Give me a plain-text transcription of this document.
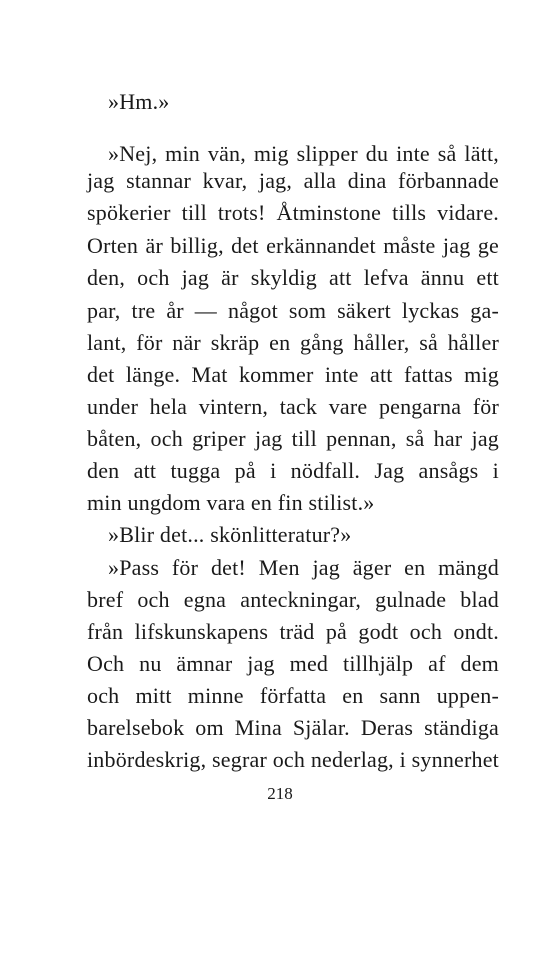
»Hm.»
»Nej, min vän, mig slipper du inte så lätt,
jag stannar kvar, jag, alla dina förbannade
spökerier till trots! Åtminstone tills vidare.
Orten är billig, det erkännandet måste jag ge
den, och jag är skyldig att lefva ännu ett
par, tre år — något som säkert lyckas ga-
lant, för när skräp en gång håller, så håller
det länge. Mat kommer inte att fattas mig
under hela vintern, tack vare pengarna för
båten, och griper jag till pennan, så har jag
den att tugga på i nödfall. Jag ansågs i
min ungdom vara en fin stilist.»
»Blir det... skönlitteratur?»
»Pass för det! Men jag äger en mängd
bref och egna anteckningar, gulnade blad
från lifskunskapens träd på godt och ondt.
Och nu ämnar jag med tillhjälp af dem
och mitt minne författa en sann uppen-
barelsebok om Mina Själar. Deras ständiga
inbördeskrig, segrar och nederlag, i synnerhet
218
